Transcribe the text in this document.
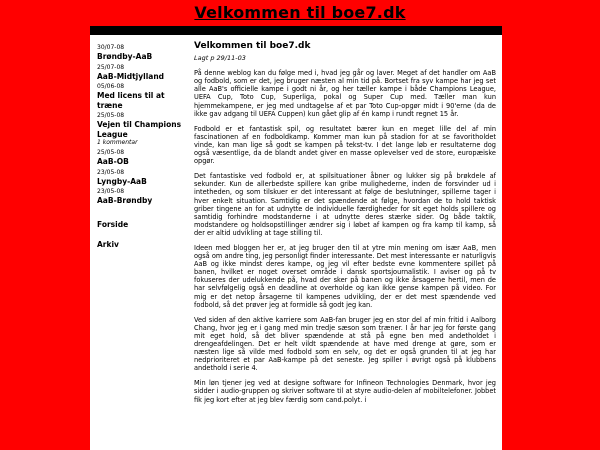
Velkommen til boe7.dk
30/07-08
Brøndby-AaB
25/07-08
AaB-Midtjylland
05/06-08
Med licens til at træne
25/05-08
Vejen til Champions League
1 kommentar
25/05-08
AaB-OB
23/05-08
Lyngby-AaB
23/05-08
AaB-Brøndby
Forside
Arkiv
Velkommen til boe7.dk
Lagt p 29/11-03

På denne weblog kan du følge med i, hvad jeg går og laver. Meget af det handler om AaB og fodbold, som er det, jeg bruger næsten al min tid på. Bortset fra syv kampe har jeg set alle AaB's officielle kampe i godt ni år, og her tæller kampe i både Champions League, UEFA Cup, Toto Cup, Superliga, pokal og Super Cup med. Tæller man kun hjemmekampene, er jeg med undtagelse af et par Toto Cup-opgør midt i 90'erne (da de ikke gav adgang til UEFA Cuppen) kun gået glip af én kamp i rundt regnet 15 år.

Fodbold er et fantastisk spil, og resultatet bærer kun en meget lille del af min fascinationen af en fodboldkamp. Kommer man kun på stadion for at se favoritholdet vinde, kan man lige så godt se kampen på tekst-tv. I det lange løb er resultaterne dog også væsentlige, da de blandt andet giver en masse oplevelser ved de store, europæiske opgør.

Det fantastiske ved fodbold er, at spilsituationer åbner og lukker sig på brøkdele af sekunder. Kun de allerbedste spillere kan gribe mulighederne, inden de forsvinder ud i intetheden, og som tilskuer er det interessant at følge de beslutninger, spillerne tager i hver enkelt situation. Samtidig er det spændende at følge, hvordan de to hold taktisk griber tingene an for at udnytte de individuelle færdigheder for sit eget holds spillere og samtidig forhindre modstanderne i at udnytte deres stærke sider. Og både taktik, modstandere og holdsopstillinger ændrer sig i løbet af kampen og fra kamp til kamp, så der er altid udvikling at tage stilling til.

Ideen med bloggen her er, at jeg bruger den til at ytre min mening om især AaB, men også om andre ting, jeg personligt finder interessante. Det mest interessante er naturligvis AaB og ikke mindst deres kampe, og jeg vil efter bedste evne kommentere spillet på banen, hvilket er noget overset område i dansk sportsjournalistik. I aviser og på tv fokuseres der udelukkende på, hvad der sker på banen og ikke årsagerne hertil, men de har selvfølgelig også en deadline at overholde og kan ikke gense kampen på video. For mig er det netop årsagerne til kampenes udvikling, der er det mest spændende ved fodbold, så det prøver jeg at formidle så godt jeg kan.

Ved siden af den aktive karriere som AaB-fan bruger jeg en stor del af min fritid i Aalborg Chang, hvor jeg er i gang med min tredje sæson som træner. I år har jeg for første gang mit eget hold, så det bliver spændende at stå på egne ben med andetholdet i drengeafdelingen. Det er helt vildt spændende at have med drenge at gøre, som er næsten lige så vilde med fodbold som en selv, og det er også grunden til at jeg har nedprioriteret et par AaB-kampe på det seneste. Jeg spiller i øvrigt også på klubbens andethold i serie 4.

Min løn tjener jeg ved at designe software for Infineon Technologies Denmark, hvor jeg sidder i audio-gruppen og skriver software til at styre audio-delen af mobiltelefoner. Jobbet fik jeg kort efter at jeg blev færdig som cand.polyt. i
